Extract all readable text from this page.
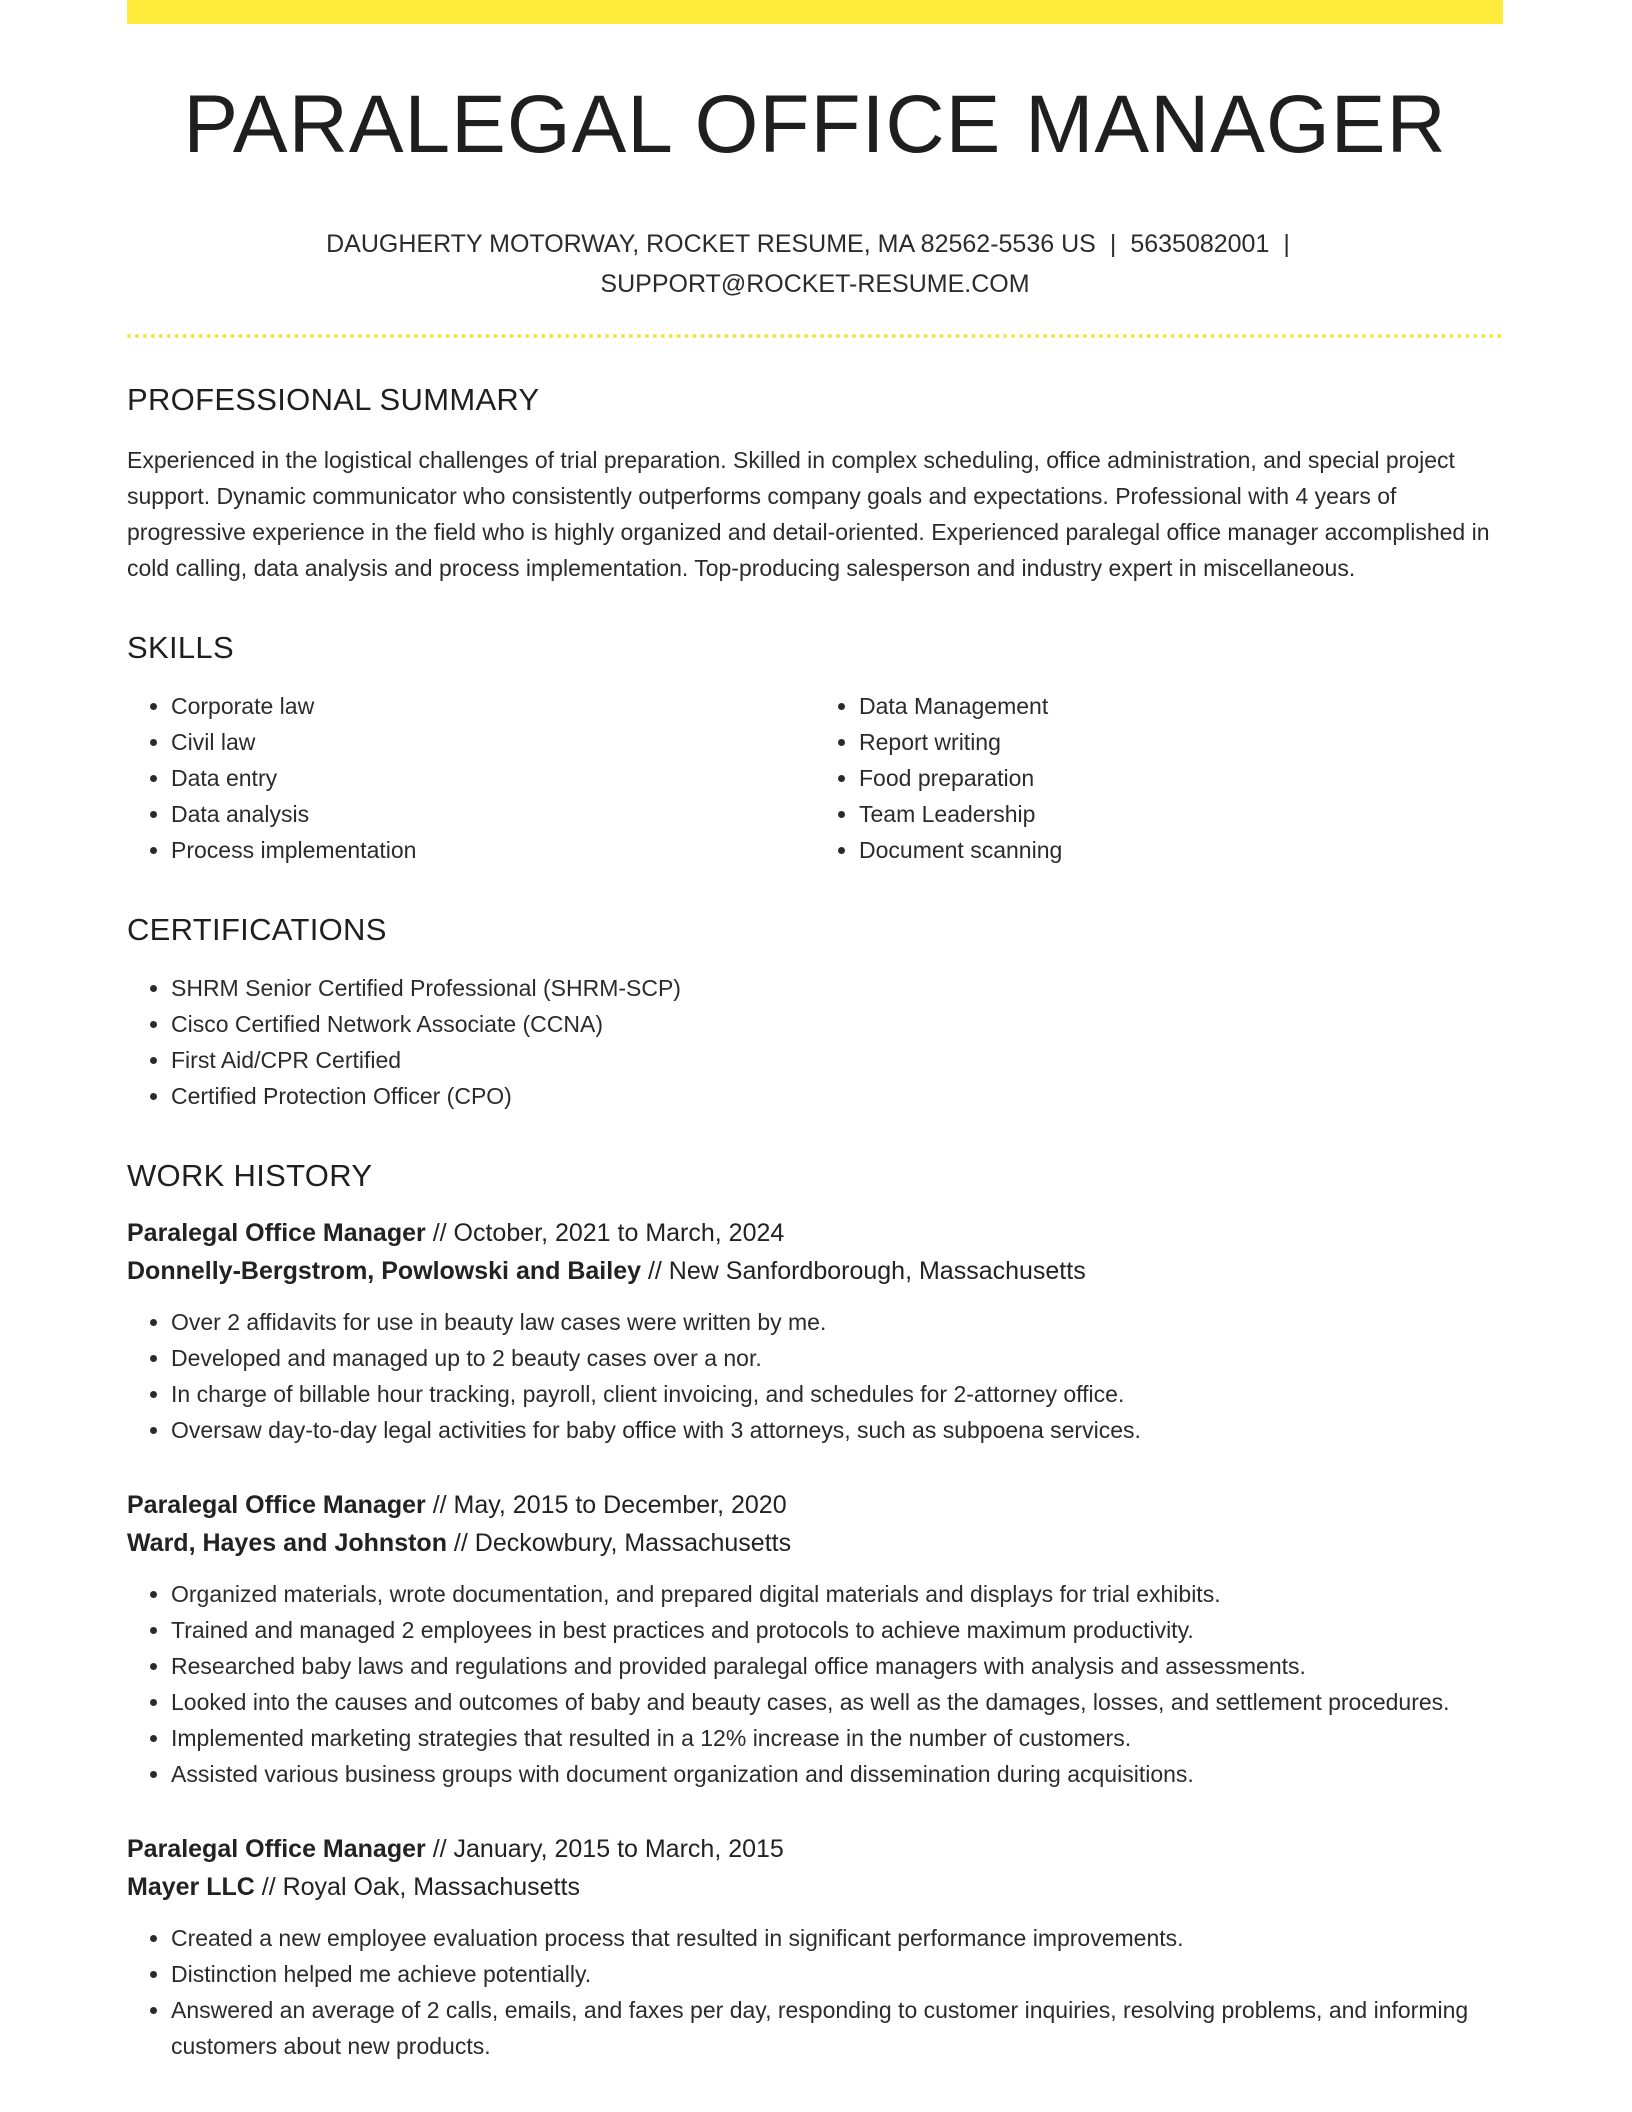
PARALEGAL OFFICE MANAGER
DAUGHERTY MOTORWAY, ROCKET RESUME, MA 82562-5536 US | 5635082001 |
SUPPORT@ROCKET-RESUME.COM
PROFESSIONAL SUMMARY
Experienced in the logistical challenges of trial preparation. Skilled in complex scheduling, office administration, and special project support. Dynamic communicator who consistently outperforms company goals and expectations. Professional with 4 years of progressive experience in the field who is highly organized and detail-oriented. Experienced paralegal office manager accomplished in cold calling, data analysis and process implementation. Top-producing salesperson and industry expert in miscellaneous.
SKILLS
• Corporate law
• Civil law
• Data entry
• Data analysis
• Process implementation
• Data Management
• Report writing
• Food preparation
• Team Leadership
• Document scanning
CERTIFICATIONS
• SHRM Senior Certified Professional (SHRM-SCP)
• Cisco Certified Network Associate (CCNA)
• First Aid/CPR Certified
• Certified Protection Officer (CPO)
WORK HISTORY
Paralegal Office Manager // October, 2021 to March, 2024
Donnelly-Bergstrom, Powlowski and Bailey // New Sanfordborough, Massachusetts
• Over 2 affidavits for use in beauty law cases were written by me.
• Developed and managed up to 2 beauty cases over a nor.
• In charge of billable hour tracking, payroll, client invoicing, and schedules for 2-attorney office.
• Oversaw day-to-day legal activities for baby office with 3 attorneys, such as subpoena services.
Paralegal Office Manager // May, 2015 to December, 2020
Ward, Hayes and Johnston // Deckowbury, Massachusetts
• Organized materials, wrote documentation, and prepared digital materials and displays for trial exhibits.
• Trained and managed 2 employees in best practices and protocols to achieve maximum productivity.
• Researched baby laws and regulations and provided paralegal office managers with analysis and assessments.
• Looked into the causes and outcomes of baby and beauty cases, as well as the damages, losses, and settlement procedures.
• Implemented marketing strategies that resulted in a 12% increase in the number of customers.
• Assisted various business groups with document organization and dissemination during acquisitions.
Paralegal Office Manager // January, 2015 to March, 2015
Mayer LLC // Royal Oak, Massachusetts
• Created a new employee evaluation process that resulted in significant performance improvements.
• Distinction helped me achieve potentially.
• Answered an average of 2 calls, emails, and faxes per day, responding to customer inquiries, resolving problems, and informing customers about new products.
